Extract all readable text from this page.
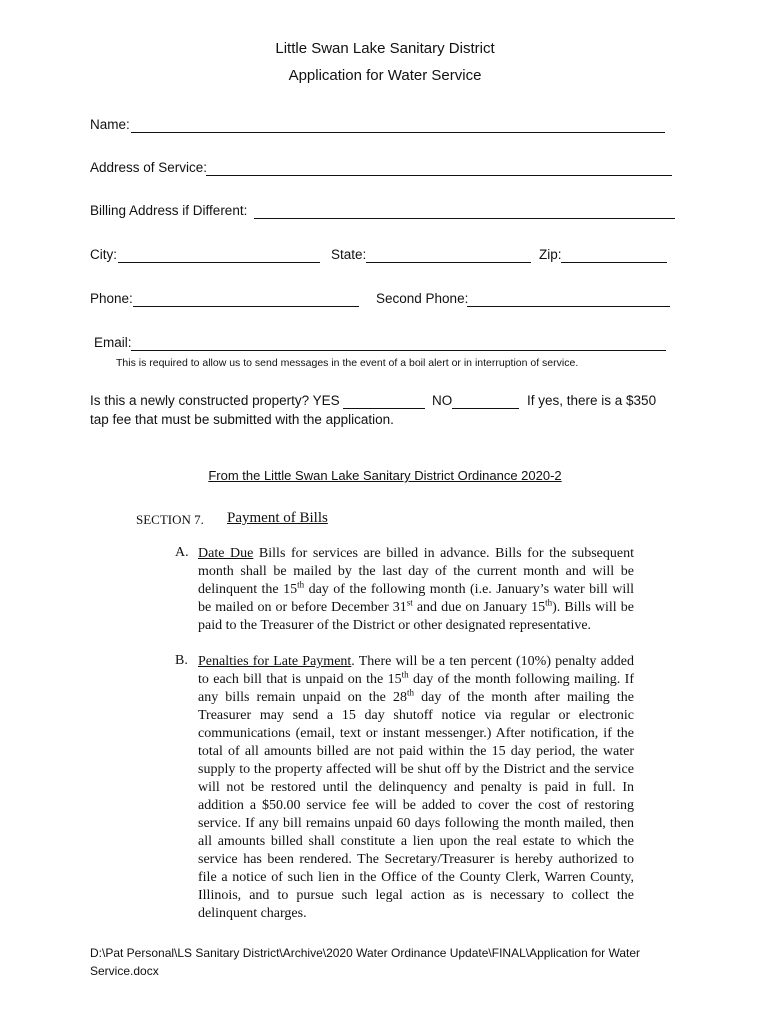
Little Swan Lake Sanitary District
Application for Water Service
Name:
Address of Service:
Billing Address if Different:
City:	State:	Zip:
Phone:	Second Phone:
Email:
This is required to allow us to send messages in the event of a boil alert or in interruption of service.
Is this a newly constructed property? YES	NO	If yes, there is a $350
tap fee that must be submitted with the application.
From the Little Swan Lake Sanitary District Ordinance 2020-2
SECTION 7. Payment of Bills
A. Date Due Bills for services are billed in advance. Bills for the subsequent month shall be mailed by the last day of the current month and will be delinquent the 15th day of the following month (i.e. January’s water bill will be mailed on or before December 31st and due on January 15th). Bills will be paid to the Treasurer of the District or other designated representative.
B. Penalties for Late Payment. There will be a ten percent (10%) penalty added to each bill that is unpaid on the 15th day of the month following mailing. If any bills remain unpaid on the 28th day of the month after mailing the Treasurer may send a 15 day shutoff notice via regular or electronic communications (email, text or instant messenger.) After notification, if the total of all amounts billed are not paid within the 15 day period, the water supply to the property affected will be shut off by the District and the service will not be restored until the delinquency and penalty is paid in full. In addition a $50.00 service fee will be added to cover the cost of restoring service. If any bill remains unpaid 60 days following the month mailed, then all amounts billed shall constitute a lien upon the real estate to which the service has been rendered. The Secretary/Treasurer is hereby authorized to file a notice of such lien in the Office of the County Clerk, Warren County, Illinois, and to pursue such legal action as is necessary to collect the delinquent charges.
D:\Pat Personal\LS Sanitary District\Archive\2020 Water Ordinance Update\FINAL\Application for Water
Service.docx
